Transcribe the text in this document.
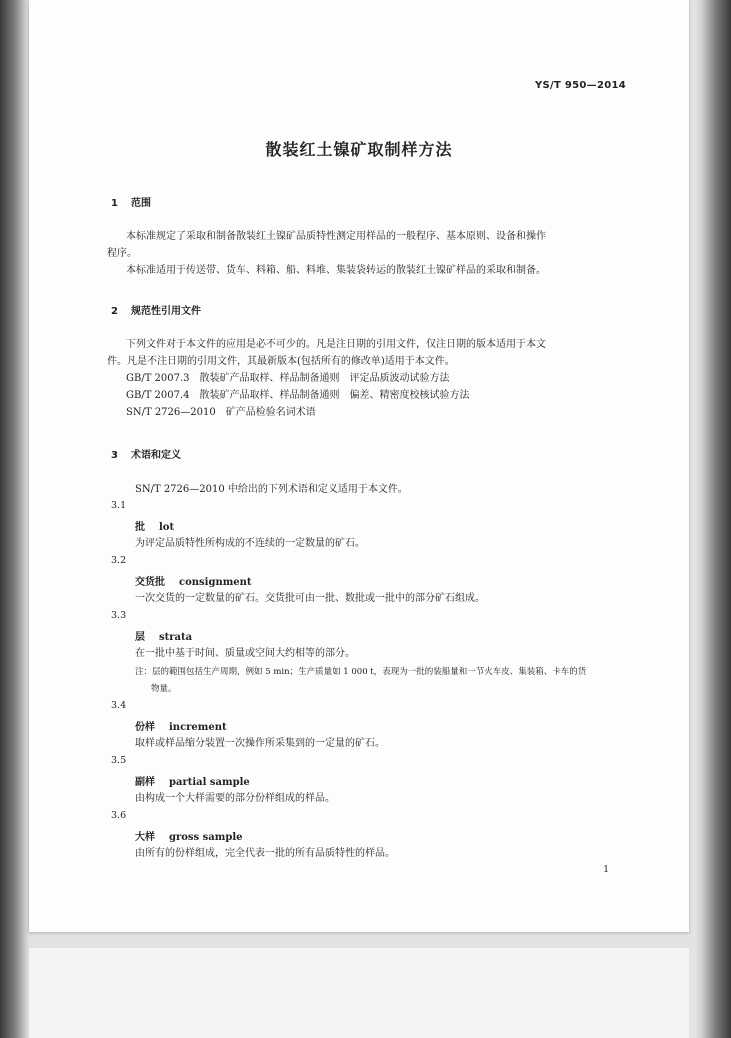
YS/T 950—2014
散装红土镍矿取制样方法
1 范围
本标准规定了采取和制备散装红土镍矿品质特性测定用样品的一般程序、基本原则、设备和操作
程序。
本标准适用于传送带、货车、料箱、船、料堆、集装袋转运的散装红土镍矿样品的采取和制备。
2 规范性引用文件
下列文件对于本文件的应用是必不可少的。凡是注日期的引用文件，仅注日期的版本适用于本文
件。凡是不注日期的引用文件，其最新版本(包括所有的修改单)适用于本文件。
GB/T 2007.3　散装矿产品取样、样品制备通则　评定品质波动试验方法
GB/T 2007.4　散装矿产品取样、样品制备通则　偏差、精密度校核试验方法
SN/T 2726—2010　矿产品检验名词术语
3 术语和定义
SN/T 2726—2010 中给出的下列术语和定义适用于本文件。
3.1
批 lot
为评定品质特性所构成的不连续的一定数量的矿石。
3.2
交货批 consignment
一次交货的一定数量的矿石。交货批可由一批、数批或一批中的部分矿石组成。
3.3
层 strata
在一批中基于时间、质量或空间大约相等的部分。
注：层的範围包括生产周期，例如 5 min；生产质量如 1 000 t，表现为一批的装船量和一节火车皮、集装箱、卡车的货
物量。
3.4
份样 increment
取样或样品缩分装置一次操作所采集到的一定量的矿石。
3.5
副样 partial sample
由构成一个大样需要的部分份样组成的样品。
3.6
大样 gross sample
由所有的份样组成，完全代表一批的所有品质特性的样品。
1
